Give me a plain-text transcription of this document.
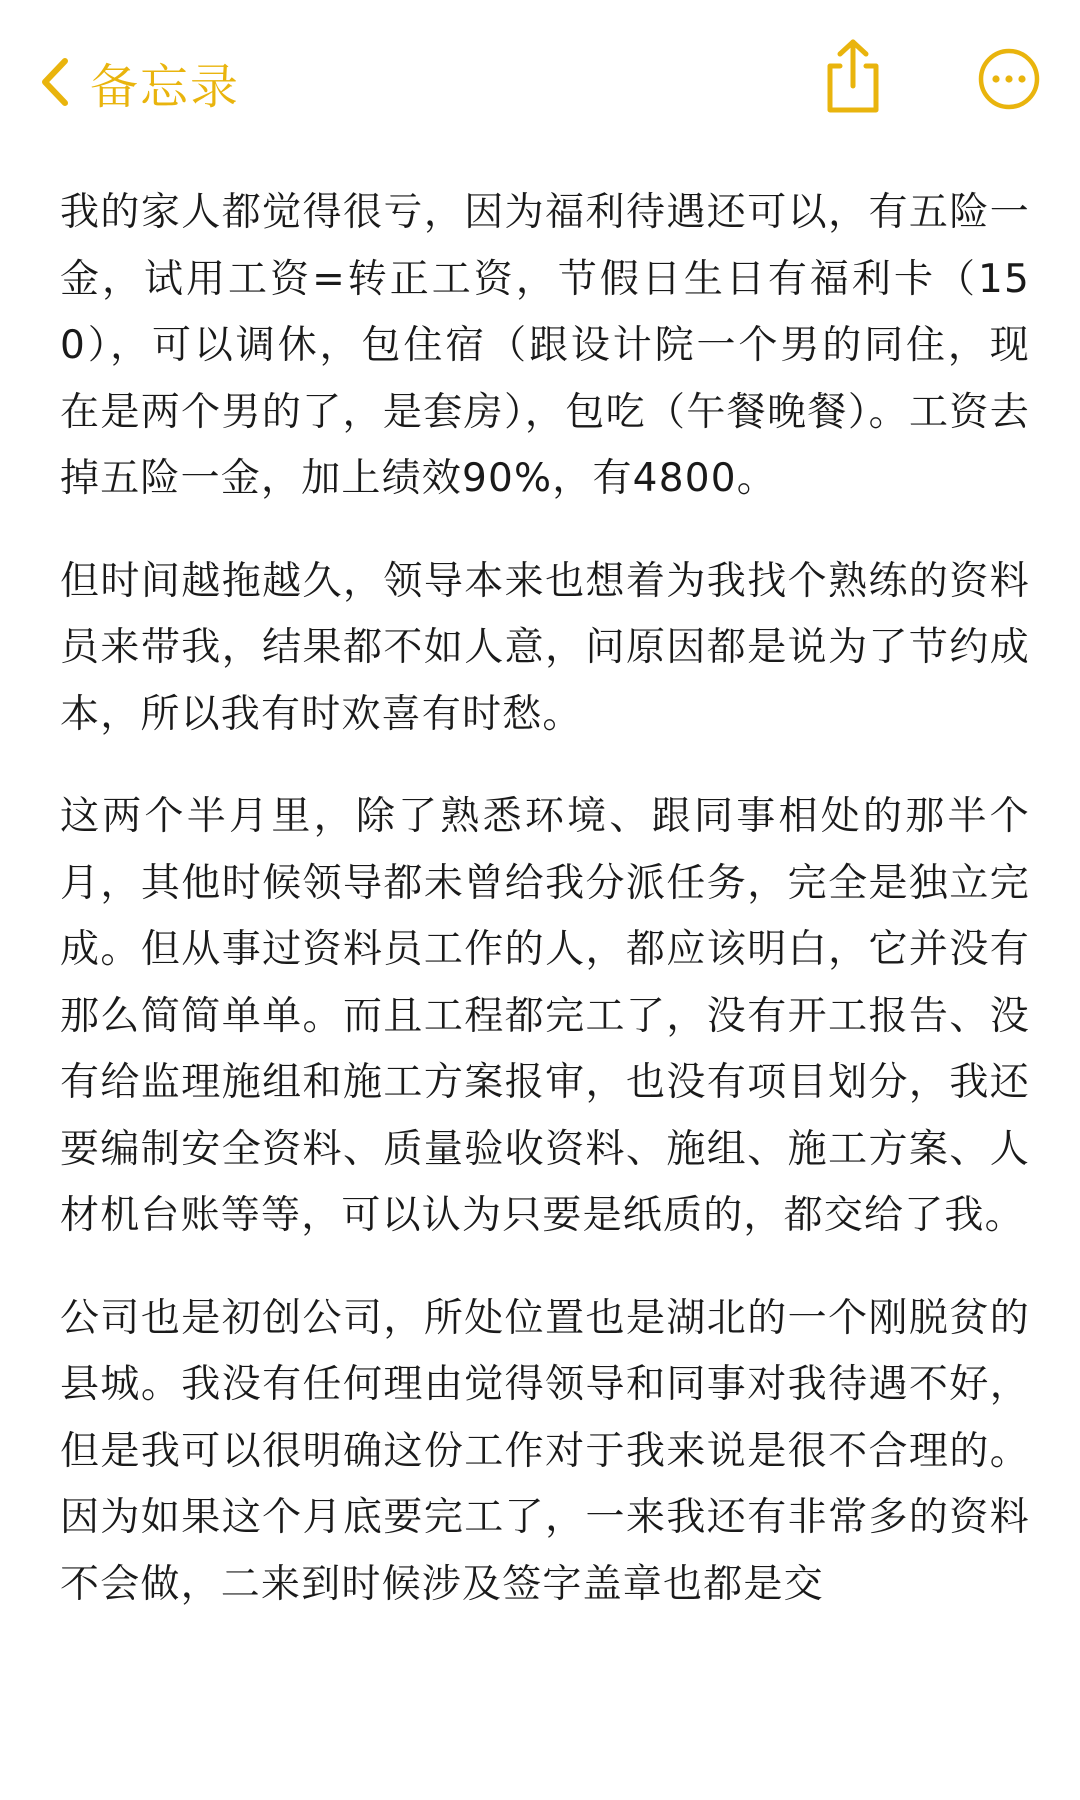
备忘录

我的家人都觉得很亏，因为福利待遇还可以，有五险一金，试用工资=转正工资，节假日生日有福利卡（150），可以调休，包住宿（跟设计院一个男的同住，现在是两个男的了，是套房），包吃（午餐晚餐）。工资去掉五险一金，加上绩效90%，有4800。

但时间越拖越久，领导本来也想着为我找个熟练的资料员来带我，结果都不如人意，问原因都是说为了节约成本，所以我有时欢喜有时愁。

这两个半月里，除了熟悉环境、跟同事相处的那半个月，其他时候领导都未曾给我分派任务，完全是独立完成。但从事过资料员工作的人，都应该明白，它并没有那么简简单单。而且工程都完工了，没有开工报告、没有给监理施组和施工方案报审，也没有项目划分，我还要编制安全资料、质量验收资料、施组、施工方案、人材机台账等等，可以认为只要是纸质的，都交给了我。

公司也是初创公司，所处位置也是湖北的一个刚脱贫的县城。我没有任何理由觉得领导和同事对我待遇不好，但是我可以很明确这份工作对于我来说是很不合理的。因为如果这个月底要完工了，一来我还有非常多的资料不会做，二来到时候涉及签字盖章也都是交
